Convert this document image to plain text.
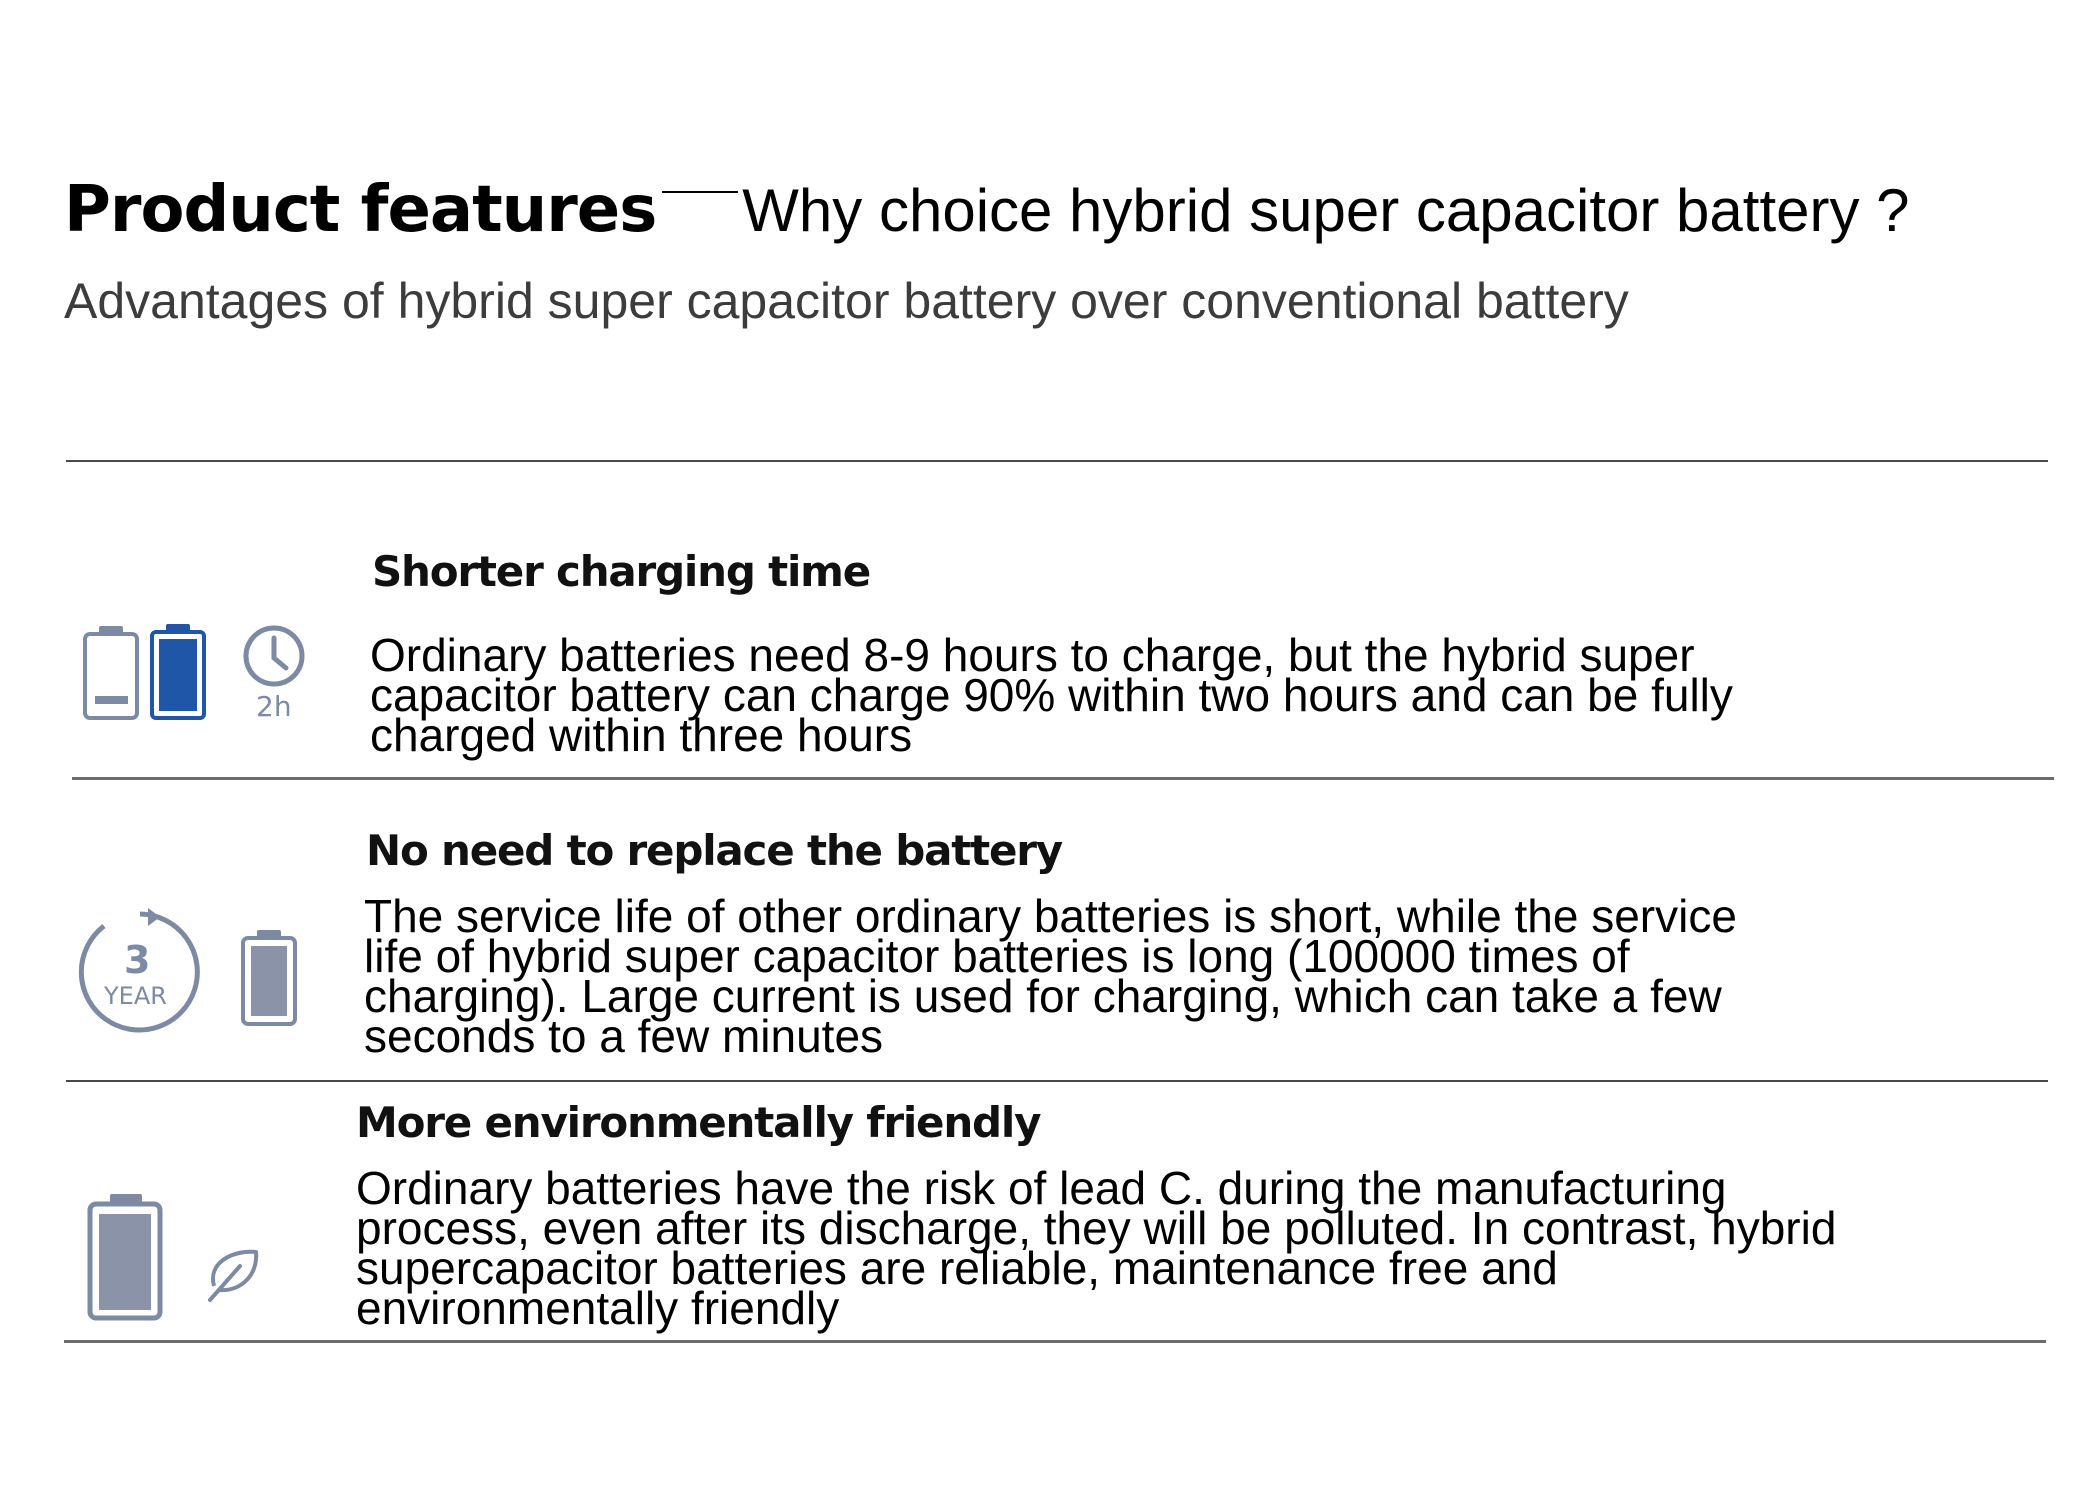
Product features Why choice hybrid super capacitor battery ?
Advantages of hybrid super capacitor battery over conventional battery
2h
Shorter charging time
Ordinary batteries need 8-9 hours to charge, but the hybrid super
capacitor battery can charge 90% within two hours and can be fully
charged within three hours
3
YEAR
No need to replace the battery
The service life of other ordinary batteries is short, while the service
life of hybrid super capacitor batteries is long (100000 times of
charging). Large current is used for charging, which can take a few
seconds to a few minutes
More environmentally friendly
Ordinary batteries have the risk of lead C. during the manufacturing
process, even after its discharge, they will be polluted. In contrast, hybrid
supercapacitor batteries are reliable, maintenance free and
environmentally friendly
